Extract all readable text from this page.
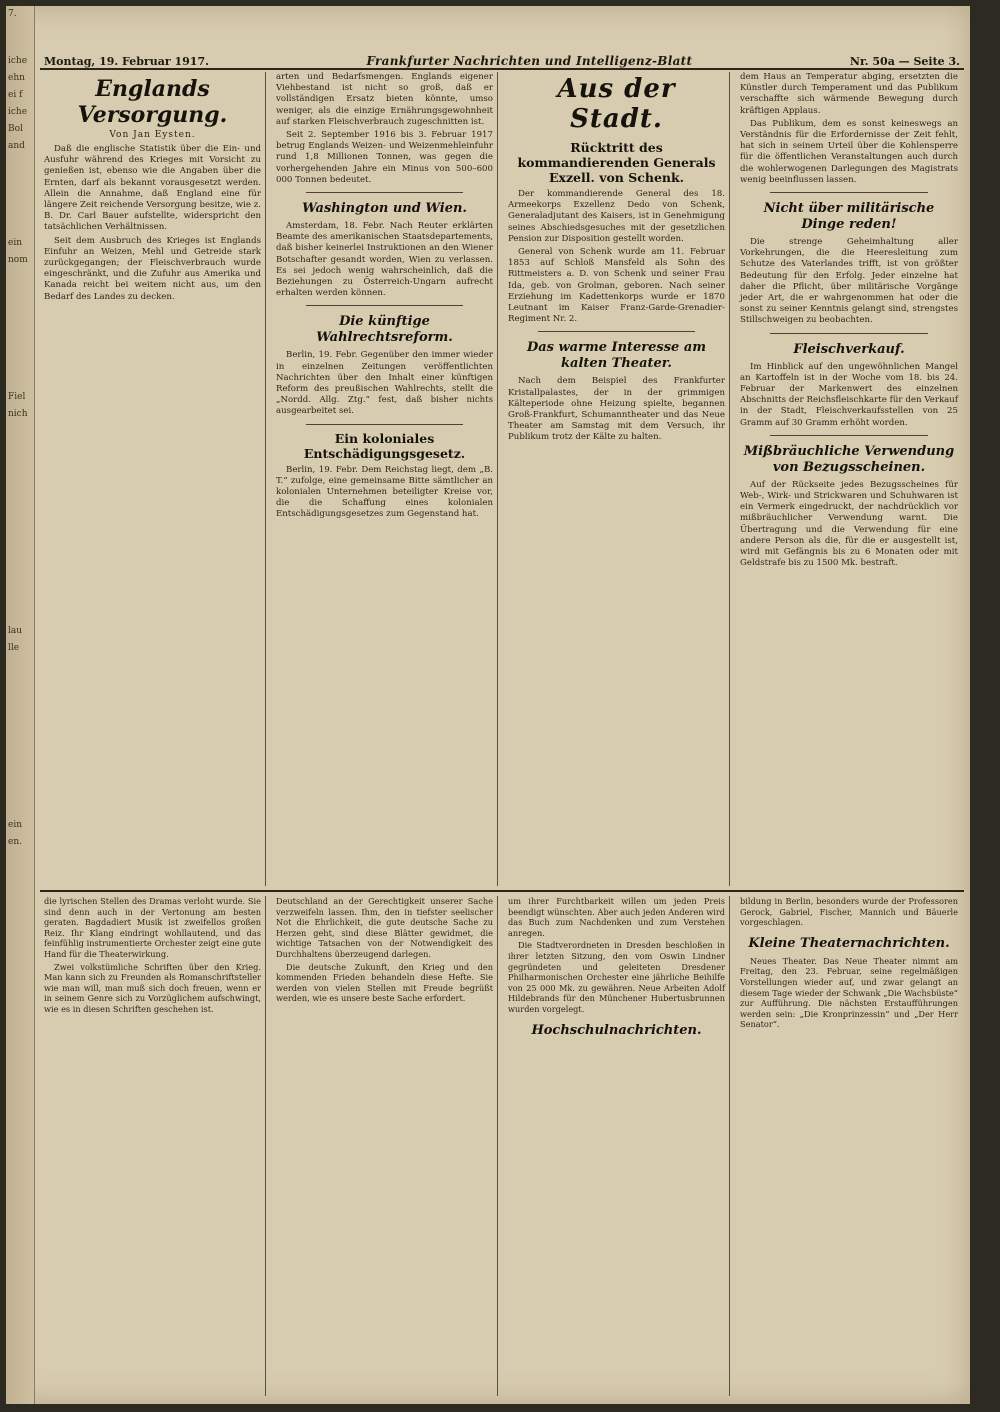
7.
iche
ehn
ei f
iche
Bol
and
ein
nom
Fiel
nich
lau
lle
ein
en.
Montag, 19. Februar 1917.	Frankfurter Nachrichten und Intelligenz-Blatt	Nr. 50a — Seite 3.
Englands Versorgung.
Von Jan Eysten.

Daß die englische Statistik über die Ein- und Ausfuhr während des Krieges mit Vorsicht zu genießen ist, ebenso wie die Angaben über die Ernten, darf als bekannt vorausgesetzt werden. Allein die Annahme, daß England eine für längere Zeit reichende Versorgung besitze, wie z. B. Dr. Carl Bauer aufstellte, widerspricht den tatsächlichen Verhältnissen.

Seit dem Ausbruch des Krieges ist Englands Einfuhr an Weizen, Mehl und Getreide stark zurückgegangen; der Fleischverbrauch wurde eingeschränkt, und die Zufuhr aus Amerika und Kanada reicht bei weitem nicht aus, um den Bedarf des Landes zu decken.

arten und Bedarfsmengen. Englands eigener Viehbestand ist nicht so groß, daß er vollständigen Ersatz bieten könnte, umso weniger, als die einzige Ernährungsgewohnheit auf starken Fleischverbrauch zugeschnitten ist.

Seit 2. September 1916 bis 3. Februar 1917 betrug Englands Weizen- und Weizenmehleinfuhr rund 1,8 Millionen Tonnen, was gegen die vorhergehenden Jahre ein Minus von 500–600 000 Tonnen bedeutet.

Washington und Wien.

Amsterdam, 18. Febr. Nach Reuter erklärten Beamte des amerikanischen Staatsdepartements, daß bisher keinerlei Instruktionen an den Wiener Botschafter gesandt worden, Wien zu verlassen. Es sei jedoch wenig wahrscheinlich, daß die Beziehungen zu Österreich-Ungarn aufrecht erhalten werden können.

Die künftige Wahlrechtsreform.

Berlin, 19. Febr. Gegenüber den immer wieder in einzelnen Zeitungen veröffentlichten Nachrichten über den Inhalt einer künftigen Reform des preußischen Wahlrechts, stellt die „Nordd. Allg. Ztg.“ fest, daß bisher nichts ausgearbeitet sei.

Ein koloniales Entschädigungsgesetz.

Berlin, 19. Febr. Dem Reichstag liegt, dem „B. T.“ zufolge, eine gemeinsame Bitte sämtlicher an kolonialen Unternehmen beteiligter Kreise vor, die die Schaffung eines kolonialen Entschädigungsgesetzes zum Gegenstand hat.

Aus der Stadt.
Rücktritt des kommandierenden Generals Exzell. von Schenk.

Der kommandierende General des 18. Armeekorps Exzellenz Dedo von Schenk, Generaladjutant des Kaisers, ist in Genehmigung seines Abschiedsgesuches mit der gesetzlichen Pension zur Disposition gestellt worden.

General von Schenk wurde am 11. Februar 1853 auf Schloß Mansfeld als Sohn des Rittmeisters a. D. von Schenk und seiner Frau Ida, geb. von Grolman, geboren. Nach seiner Erziehung im Kadettenkorps wurde er 1870 Leutnant im Kaiser Franz-Garde-Grenadier-Regiment Nr. 2.

Das warme Interesse am kalten Theater.

Nach dem Beispiel des Frankfurter Kristallpalastes, der in der grimmigen Kälteperiode ohne Heizung spielte, begannen Groß-Frankfurt, Schumanntheater und das Neue Theater am Samstag mit dem Versuch, ihr Publikum trotz der Kälte zu halten.

dem Haus an Temperatur abging, ersetzten die Künstler durch Temperament und das Publikum verschaffte sich wärmende Bewegung durch kräftigen Applaus.

Das Publikum, dem es sonst keineswegs an Verständnis für die Erfordernisse der Zeit fehlt, hat sich in seinem Urteil über die Kohlensperre für die öffentlichen Veranstaltungen auch durch die wohlerwogenen Darlegungen des Magistrats wenig beeinflussen lassen.

Nicht über militärische Dinge reden!

Die strenge Geheimhaltung aller Vorkehrungen, die die Heeresleitung zum Schutze des Vaterlandes trifft, ist von größter Bedeutung für den Erfolg. Jeder einzelne hat daher die Pflicht, über militärische Vorgänge jeder Art, die er wahrgenommen hat oder die sonst zu seiner Kenntnis gelangt sind, strengstes Stillschweigen zu beobachten.

Fleischverkauf.

Im Hinblick auf den ungewöhnlichen Mangel an Kartoffeln ist in der Woche vom 18. bis 24. Februar der Markenwert des einzelnen Abschnitts der Reichsfleischkarte für den Verkauf in der Stadt, Fleischverkaufsstellen von 25 Gramm auf 30 Gramm erhöht worden.

Mißbräuchliche Verwendung von Bezugsscheinen.

Auf der Rückseite jedes Bezugsscheines für Web-, Wirk- und Strickwaren und Schuhwaren ist ein Vermerk eingedruckt, der nachdrücklich vor mißbräuchlicher Verwendung warnt. Die Übertragung und die Verwendung für eine andere Person als die, für die er ausgestellt ist, wird mit Gefängnis bis zu 6 Monaten oder mit Geldstrafe bis zu 1500 Mk. bestraft.

die lyrischen Stellen des Dramas verloht wurde. Sie sind denn auch in der Vertonung am besten geraten. Bagdadiert Musik ist zweifellos großen Reiz. Ihr Klang eindringt wohllautend, und das feinfühlig instrumentierte Orchester zeigt eine gute Hand für die Theaterwirkung.

Zwei volkstümliche Schriften über den Krieg. Man kann sich zu Freunden als Romanschriftsteller wie man will, man muß sich doch freuen, wenn er in seinem Genre sich zu Vorzüglichem aufschwingt, wie es in diesen Schriften geschehen ist.

Deutschland an der Gerechtigkeit unserer Sache verzweifeln lassen. Ihm, den in tiefster seelischer Not die Ehrlichkeit, die gute deutsche Sache zu Herzen geht, sind diese Blätter gewidmet, die wichtige Tatsachen von der Notwendigkeit des Durchhaltens überzeugend darlegen.

Die deutsche Zukunft, den Krieg und den kommenden Frieden behandeln diese Hefte. Sie werden von vielen Stellen mit Freude begrüßt werden, wie es unsere beste Sache erfordert.

um ihrer Furchtbarkeit willen um jeden Preis beendigt wünschten. Aber auch jeden Anderen wird das Buch zum Nachdenken und zum Verstehen anregen.

Die Stadtverordneten in Dresden beschloßen in ihrer letzten Sitzung, den vom Oswin Lindner gegründeten und geleiteten Dresdener Philharmonischen Orchester eine jährliche Beihilfe von 25 000 Mk. zu gewähren. Neue Arbeiten Adolf Hildebrands für den Münchener Hubertusbrunnen wurden vorgelegt.

Hochschulnachrichten.

bildung in Berlin, besonders wurde der Professoren Gerock, Gabriel, Fischer, Mannich und Bäuerle vorgeschlagen.

Kleine Theaternachrichten.

Neues Theater. Das Neue Theater nimmt am Freitag, den 23. Februar, seine regelmäßigen Vorstellungen wieder auf, und zwar gelangt an diesem Tage wieder der Schwank „Die Wachsbüste“ zur Aufführung. Die nächsten Erstaufführungen werden sein: „Die Kronprinzessin“ und „Der Herr Senator“.
